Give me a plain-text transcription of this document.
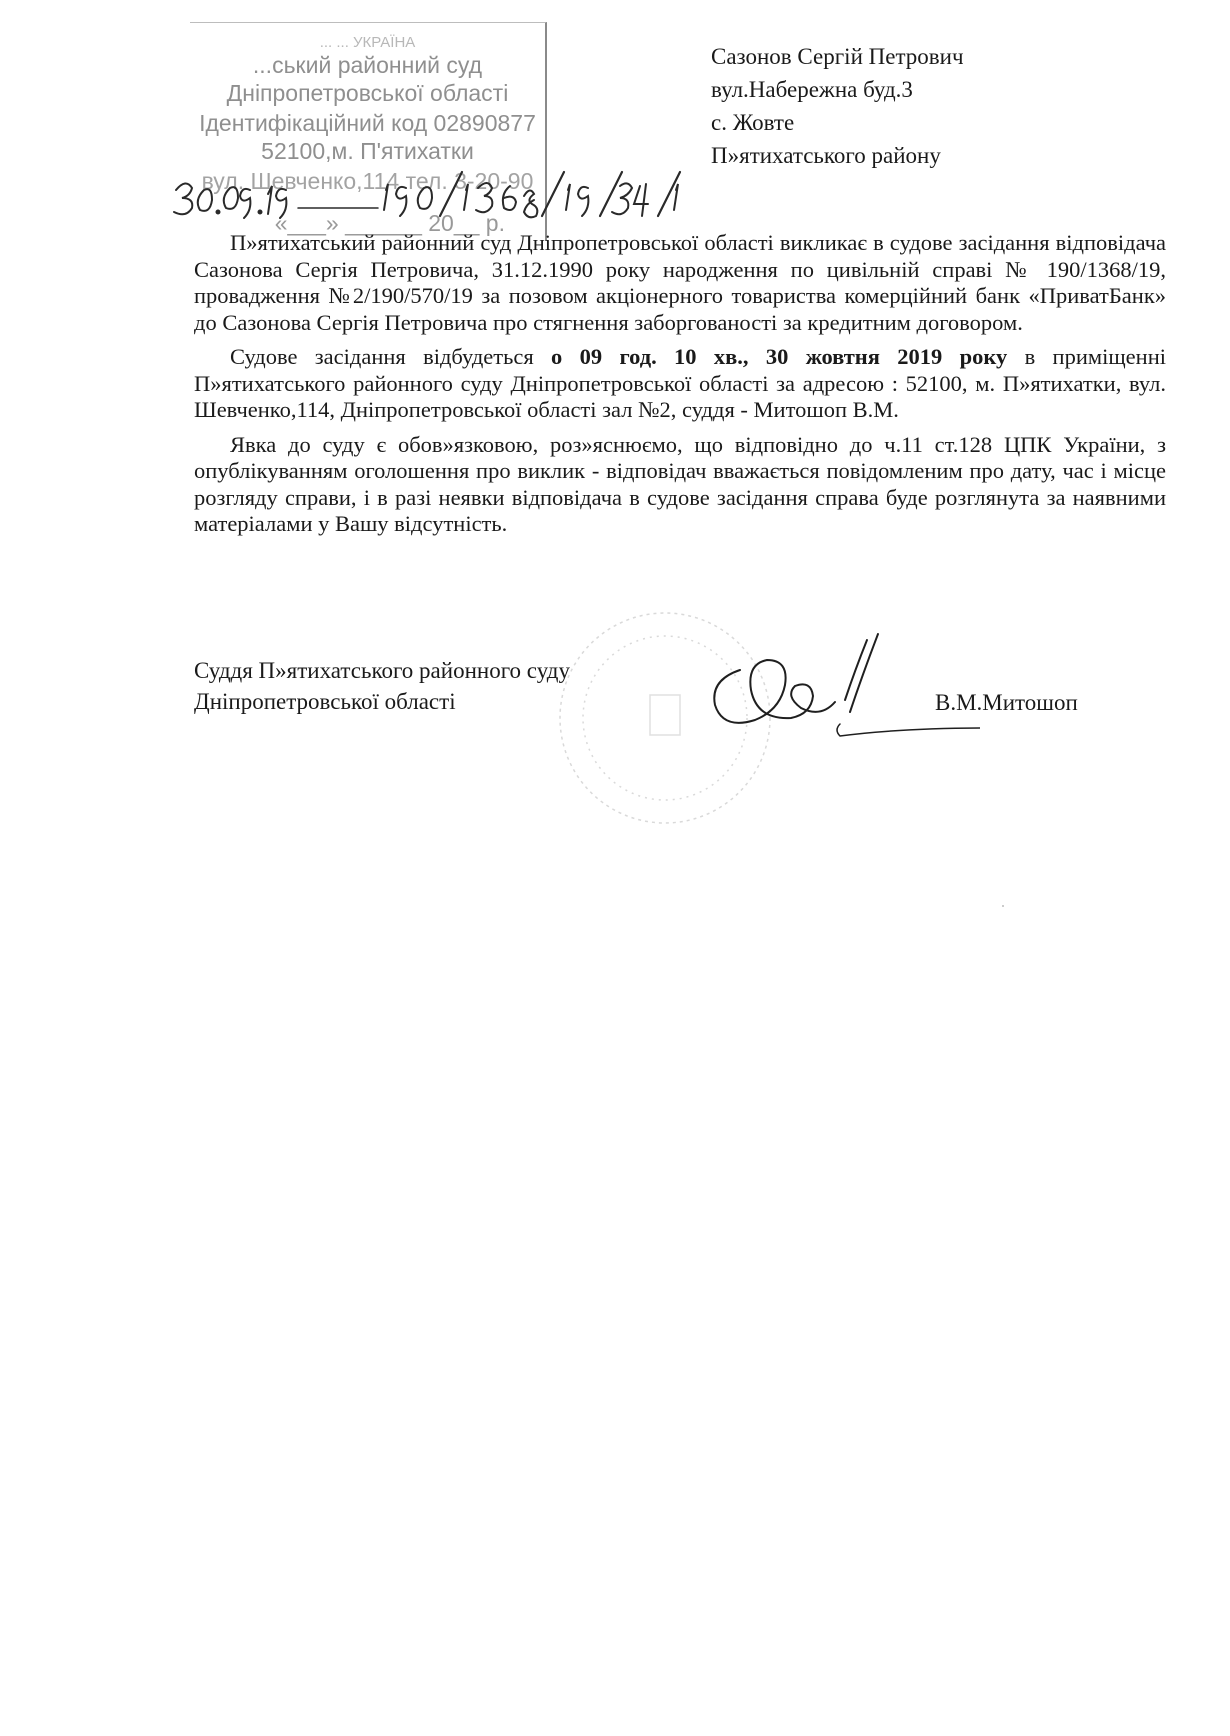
... ... УКРАЇНА
...ський районний суд
Дніпропетровської області
Ідентифікаційний код 02890877
52100,м. П'ятихатки
вул. Шевченко,114 тел. 3-20-90
«___» ______ 20__ р.
Сазонов Сергій Петрович
вул.Набережна буд.3
с. Жовте
П»ятихатського району

П»ятихатський районний суд Дніпропетровської області викликає в судове засідання відповідача Сазонова Сергія Петровича, 31.12.1990 року народження по цивільній справі № 190/1368/19, провадження №2/190/570/19 за позовом акціонерного товариства комерційний банк «ПриватБанк» до Сазонова Сергія Петровича про стягнення заборгованості за кредитним договором.

Судове засідання відбудеться о 09 год. 10 хв., 30 жовтня 2019 року в приміщенні П»ятихатського районного суду Дніпропетровської області за адресою : 52100, м. П»ятихатки, вул. Шевченко,114, Дніпропетровської області зал №2, суддя - Митошоп В.М.

Явка до суду є обов»язковою, роз»яснюємо, що відповідно до ч.11 ст.128 ЦПК України, з опублікуванням оголошення про виклик - відповідач вважається повідомленим про дату, час і місце розгляду справи, і в разі неявки відповідача в судове засідання справа буде розглянута за наявними матеріалами у Вашу відсутність.

Суддя П»ятихатського районного суду
Дніпропетровської області	В.М.Митошоп
